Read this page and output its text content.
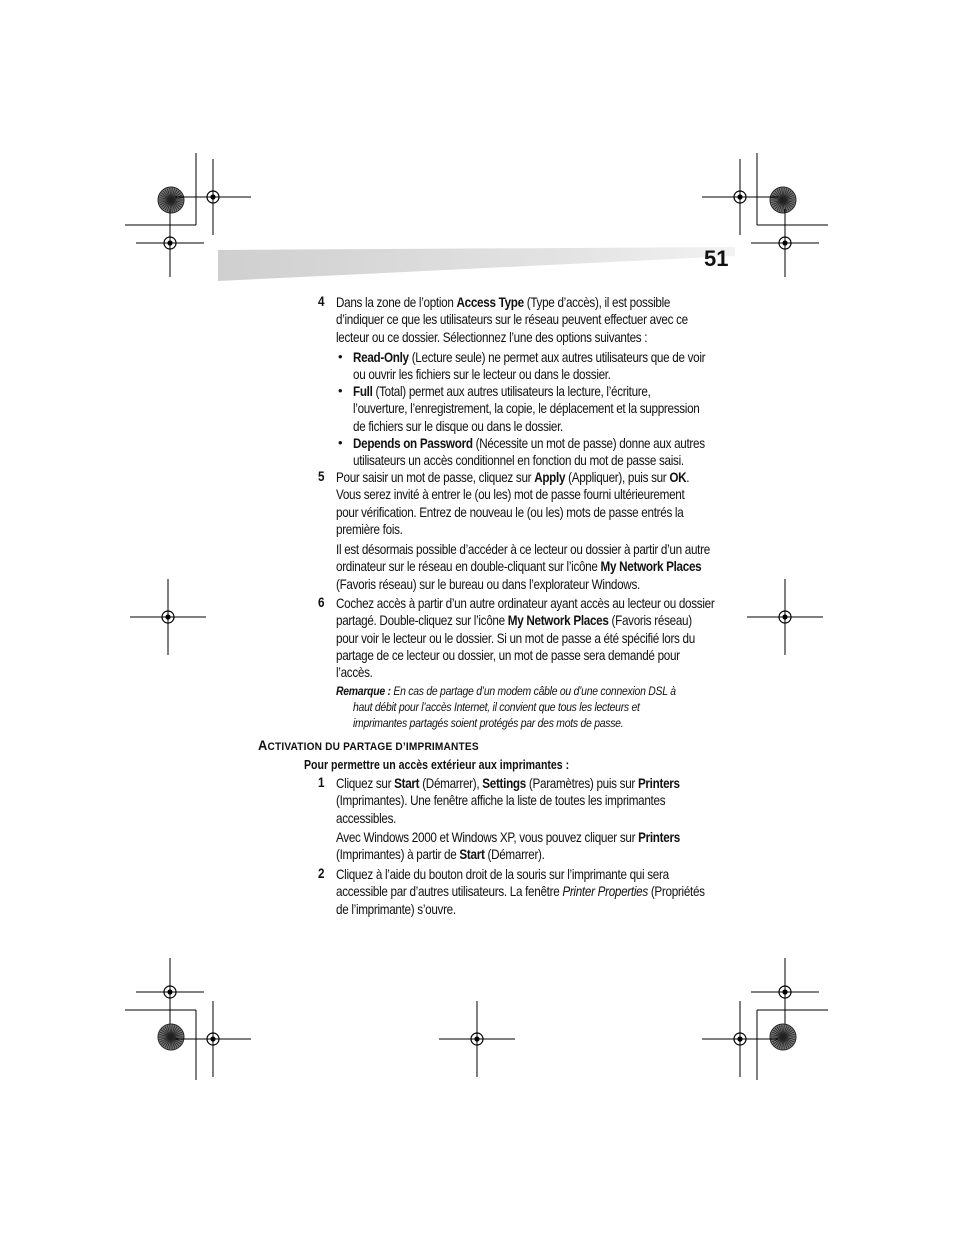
51
ACTIVATION DU PARTAGE D’IMPRIMANTES
Pour permettre un accès extérieur aux imprimantes :
4 Dans la zone de l’option Access Type (Type d’accès), il est possible
d’indiquer ce que les utilisateurs sur le réseau peuvent effectuer avec ce
lecteur ou ce dossier. Sélectionnez l’une des options suivantes :
• Read-Only (Lecture seule) ne permet aux autres utilisateurs que de voir
ou ouvrir les fichiers sur le lecteur ou dans le dossier.
• Full (Total) permet aux autres utilisateurs la lecture, l’écriture,
l’ouverture, l’enregistrement, la copie, le déplacement et la suppression
de fichiers sur le disque ou dans le dossier.
• Depends on Password (Nécessite un mot de passe) donne aux autres
utilisateurs un accès conditionnel en fonction du mot de passe saisi.
5 Pour saisir un mot de passe, cliquez sur Apply (Appliquer), puis sur OK.
Vous serez invité à entrer le (ou les) mot de passe fourni ultérieurement
pour vérification. Entrez de nouveau le (ou les) mots de passe entrés la
première fois.
Il est désormais possible d’accéder à ce lecteur ou dossier à partir d’un autre
ordinateur sur le réseau en double-cliquant sur l’icône My Network Places
(Favoris réseau) sur le bureau ou dans l’explorateur Windows.
6 Cochez accès à partir d’un autre ordinateur ayant accès au lecteur ou dossier
partagé. Double-cliquez sur l’icône My Network Places (Favoris réseau)
pour voir le lecteur ou le dossier. Si un mot de passe a été spécifié lors du
partage de ce lecteur ou dossier, un mot de passe sera demandé pour
l’accès.
Remarque : En cas de partage d’un modem câble ou d’une connexion DSL à
haut débit pour l’accès Internet, il convient que tous les lecteurs et
imprimantes partagés soient protégés par des mots de passe.
1 Cliquez sur Start (Démarrer), Settings (Paramètres) puis sur Printers
(Imprimantes). Une fenêtre affiche la liste de toutes les imprimantes
accessibles.
Avec Windows 2000 et Windows XP, vous pouvez cliquer sur Printers
(Imprimantes) à partir de Start (Démarrer).
2 Cliquez à l’aide du bouton droit de la souris sur l’imprimante qui sera
accessible par d’autres utilisateurs. La fenêtre Printer Properties (Propriétés
de l’imprimante) s’ouvre.
